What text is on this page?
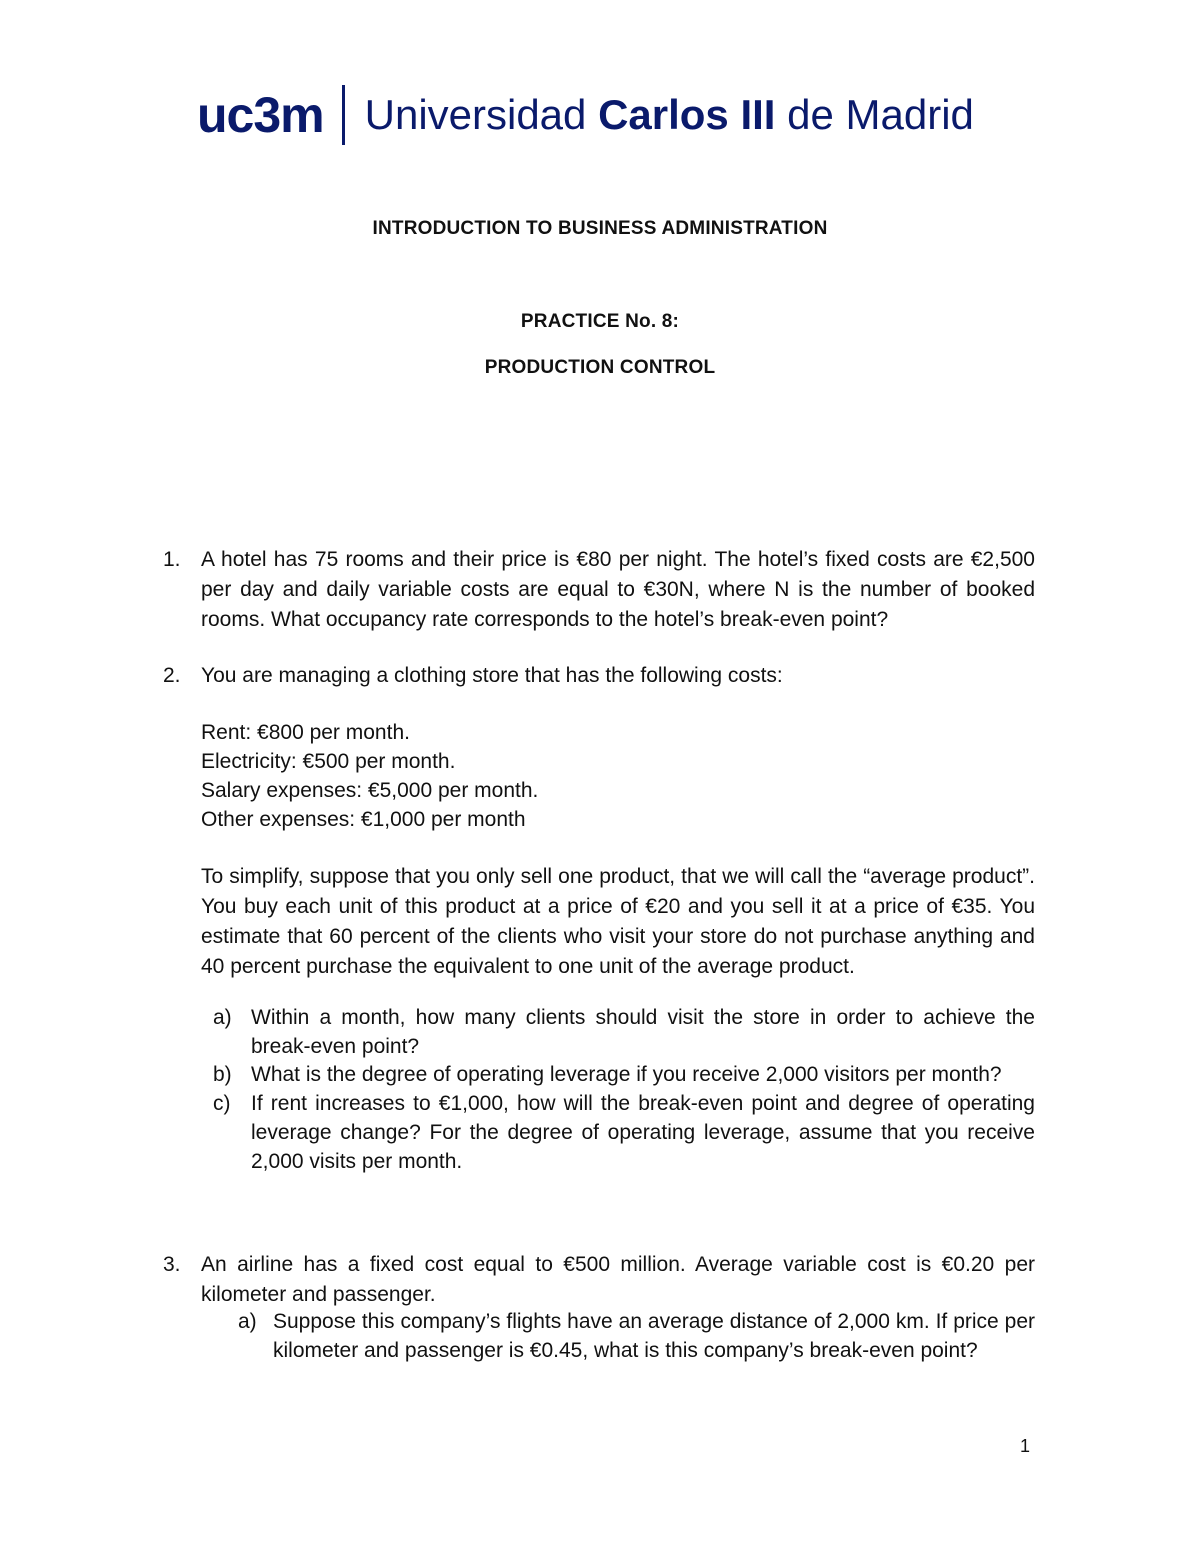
uc3m Universidad Carlos III de Madrid
INTRODUCTION TO BUSINESS ADMINISTRATION
PRACTICE No. 8:
PRODUCTION CONTROL
1. A hotel has 75 rooms and their price is €80 per night. The hotel’s fixed costs are €2,500 per day and daily variable costs are equal to €30N, where N is the number of booked rooms. What occupancy rate corresponds to the hotel’s break-even point?
2. You are managing a clothing store that has the following costs:
Rent: €800 per month.
Electricity: €500 per month.
Salary expenses: €5,000 per month.
Other expenses: €1,000 per month
To simplify, suppose that you only sell one product, that we will call the “average product”. You buy each unit of this product at a price of €20 and you sell it at a price of €35. You estimate that 60 percent of the clients who visit your store do not purchase anything and 40 percent purchase the equivalent to one unit of the average product.
a) Within a month, how many clients should visit the store in order to achieve the break-even point?
b) What is the degree of operating leverage if you receive 2,000 visitors per month?
c) If rent increases to €1,000, how will the break-even point and degree of operating leverage change? For the degree of operating leverage, assume that you receive 2,000 visits per month.
3. An airline has a fixed cost equal to €500 million. Average variable cost is €0.20 per kilometer and passenger.
a) Suppose this company’s flights have an average distance of 2,000 km. If price per kilometer and passenger is €0.45, what is this company’s break-even point?
1
